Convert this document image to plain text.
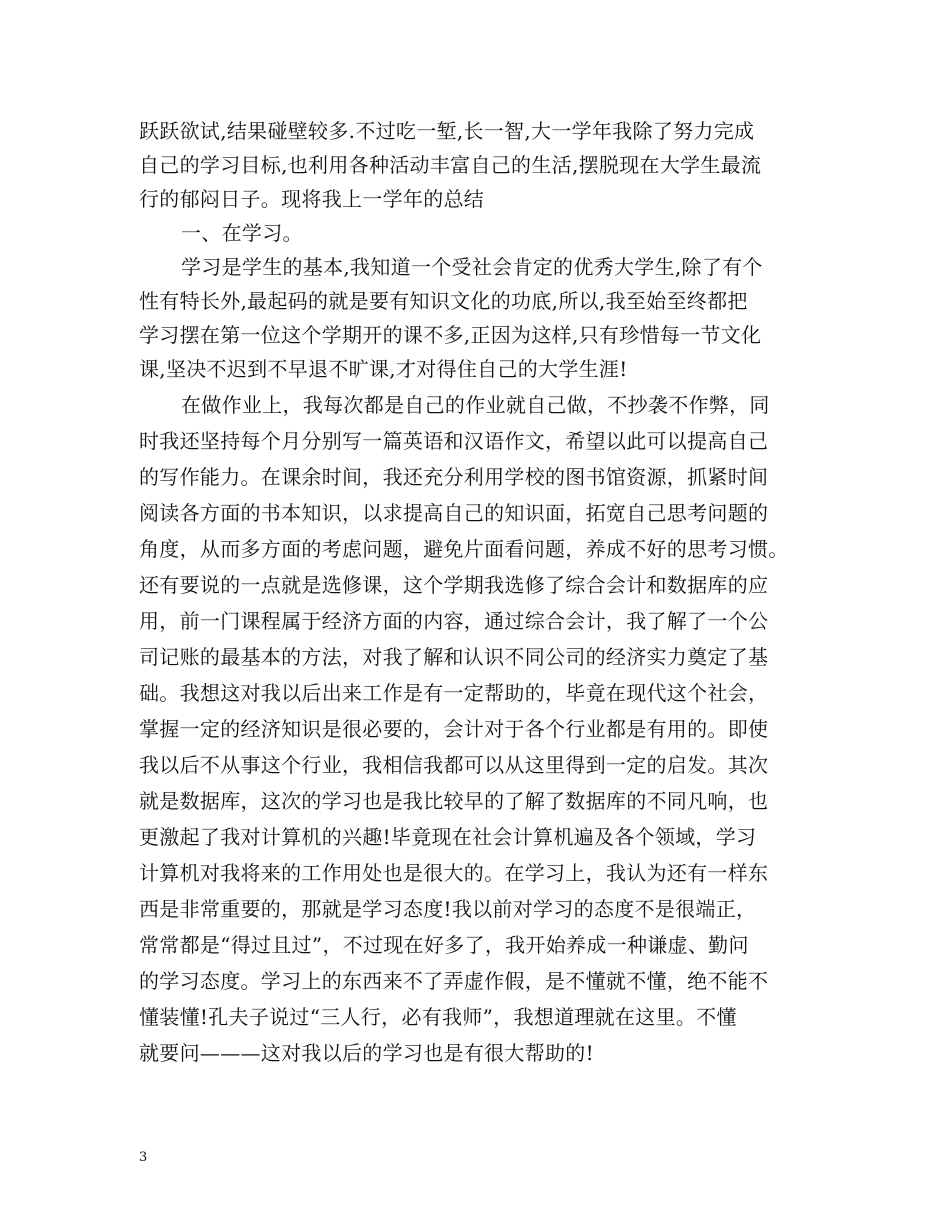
跃跃欲试,结果碰壁较多.不过吃一堑,长一智,大一学年我除了努力完成
自己的学习目标,也利用各种活动丰富自己的生活,摆脱现在大学生最流
行的郁闷日子。现将我上一学年的总结
一、在学习。
学习是学生的基本,我知道一个受社会肯定的优秀大学生,除了有个
性有特长外,最起码的就是要有知识文化的功底,所以,我至始至终都把
学习摆在第一位这个学期开的课不多,正因为这样,只有珍惜每一节文化
课,坚决不迟到不早退不旷课,才对得住自己的大学生涯!
在做作业上，我每次都是自己的作业就自己做，不抄袭不作弊，同
时我还坚持每个月分别写一篇英语和汉语作文，希望以此可以提高自己
的写作能力。在课余时间，我还充分利用学校的图书馆资源，抓紧时间
阅读各方面的书本知识，以求提高自己的知识面，拓宽自己思考问题的
角度，从而多方面的考虑问题，避免片面看问题，养成不好的思考习惯。
还有要说的一点就是选修课，这个学期我选修了综合会计和数据库的应
用，前一门课程属于经济方面的内容，通过综合会计，我了解了一个公
司记账的最基本的方法，对我了解和认识不同公司的经济实力奠定了基
础。我想这对我以后出来工作是有一定帮助的，毕竟在现代这个社会，
掌握一定的经济知识是很必要的，会计对于各个行业都是有用的。即使
我以后不从事这个行业，我相信我都可以从这里得到一定的启发。其次
就是数据库，这次的学习也是我比较早的了解了数据库的不同凡响，也
更激起了我对计算机的兴趣!毕竟现在社会计算机遍及各个领域，学习
计算机对我将来的工作用处也是很大的。在学习上，我认为还有一样东
西是非常重要的，那就是学习态度!我以前对学习的态度不是很端正，
常常都是“得过且过”，不过现在好多了，我开始养成一种谦虚、勤问
的学习态度。学习上的东西来不了弄虚作假，是不懂就不懂，绝不能不
懂装懂!孔夫子说过“三人行，必有我师”，我想道理就在这里。不懂
就要问———这对我以后的学习也是有很大帮助的!
3
